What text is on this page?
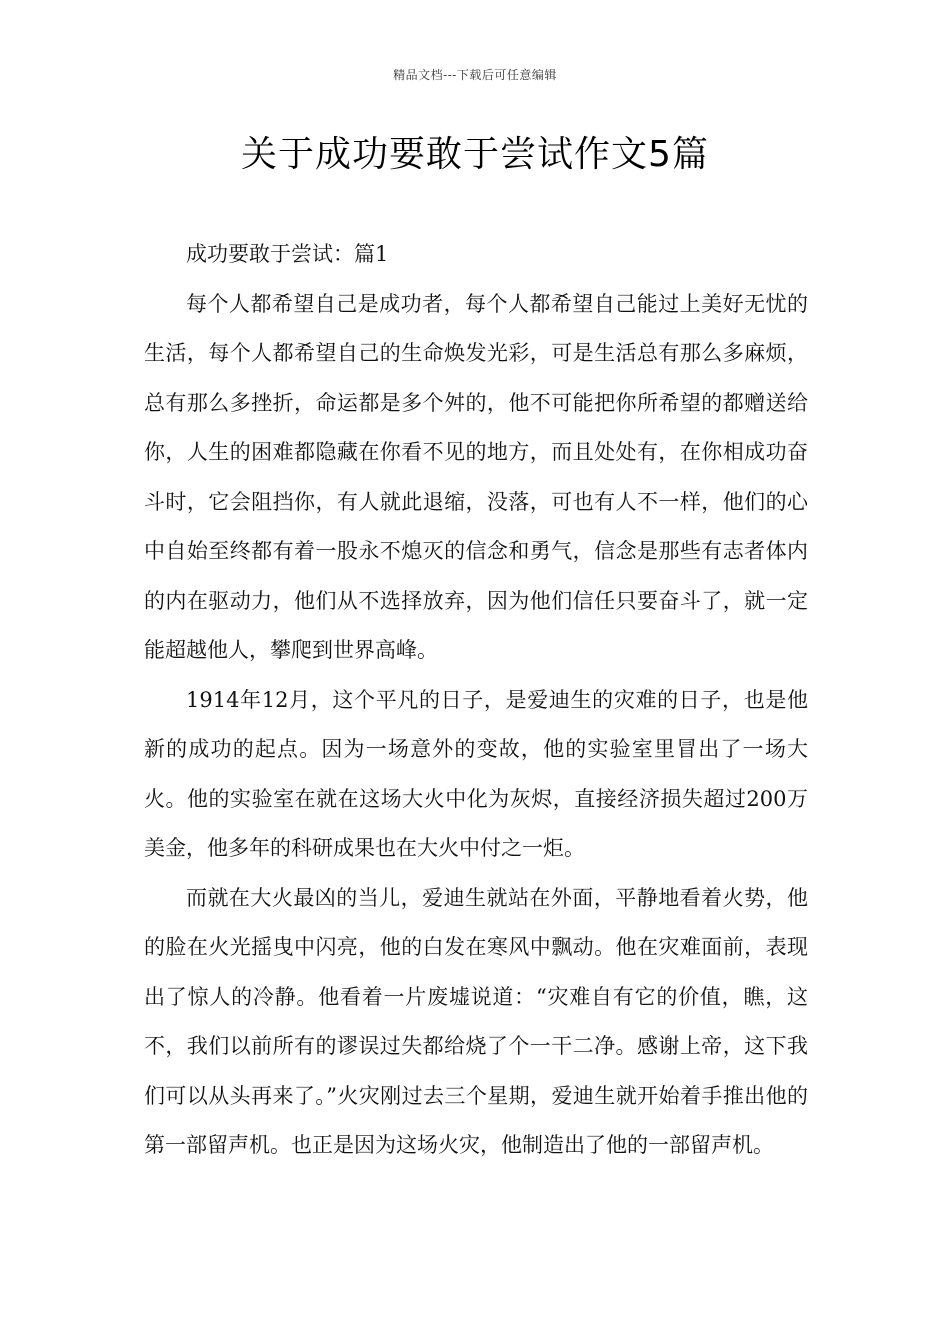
精品文档---下载后可任意编辑
关于成功要敢于尝试作文5篇

成功要敢于尝试：篇1

每个人都希望自己是成功者，每个人都希望自己能过上美好无忧的生活，每个人都希望自己的生命焕发光彩，可是生活总有那么多麻烦，总有那么多挫折，命运都是多个舛的，他不可能把你所希望的都赠送给你，人生的困难都隐藏在你看不见的地方，而且处处有，在你相成功奋斗时，它会阻挡你，有人就此退缩，没落，可也有人不一样，他们的心中自始至终都有着一股永不熄灭的信念和勇气，信念是那些有志者体内的内在驱动力，他们从不选择放弃，因为他们信任只要奋斗了，就一定能超越他人，攀爬到世界高峰。

1914年12月，这个平凡的日子，是爱迪生的灾难的日子，也是他新的成功的起点。因为一场意外的变故，他的实验室里冒出了一场大火。他的实验室在就在这场大火中化为灰烬，直接经济损失超过200万美金，他多年的科研成果也在大火中付之一炬。

而就在大火最凶的当儿，爱迪生就站在外面，平静地看着火势，他的脸在火光摇曳中闪亮，他的白发在寒风中飘动。他在灾难面前，表现出了惊人的冷静。他看着一片废墟说道：“灾难自有它的价值，瞧，这不，我们以前所有的谬误过失都给烧了个一干二净。感谢上帝，这下我们可以从头再来了。”火灾刚过去三个星期，爱迪生就开始着手推出他的第一部留声机。也正是因为这场火灾，他制造出了他的一部留声机。
